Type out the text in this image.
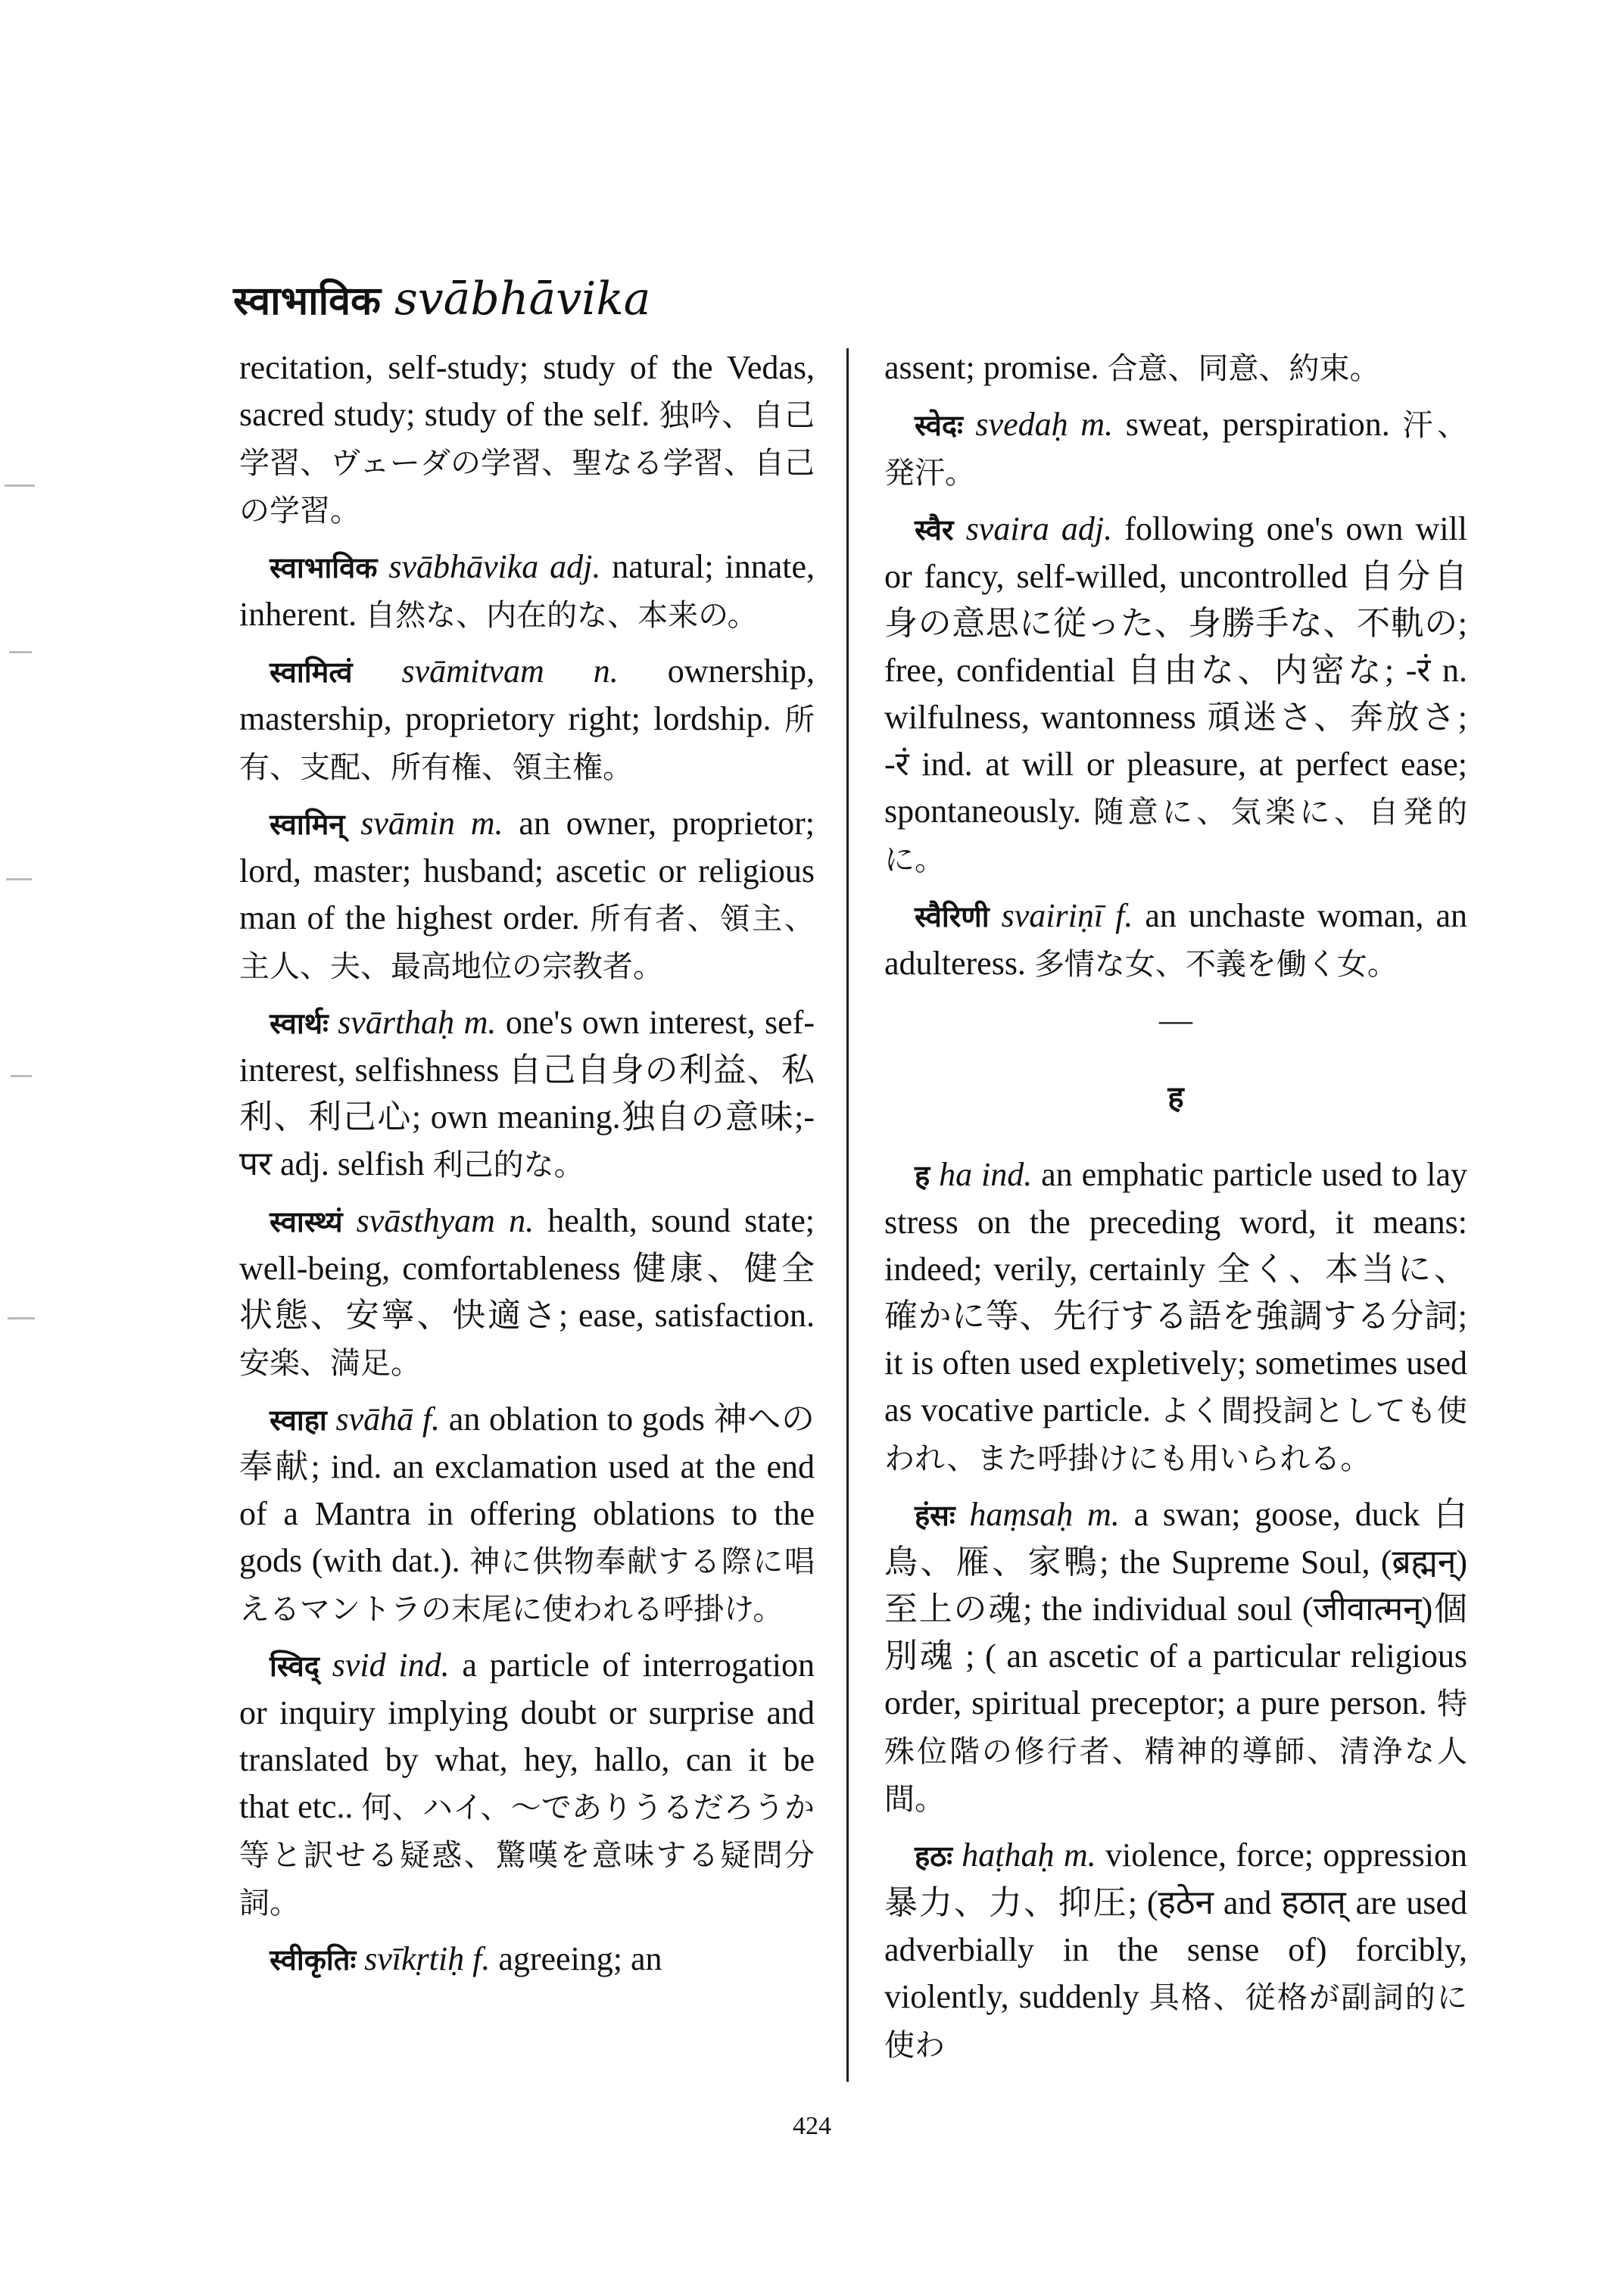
स्वाभाविक svābhāvika

recitation, self-study; study of the Vedas, sacred study; study of the self. 独吟、自己学習、ヴェーダの学習、聖なる学習、自己の学習。

स्वाभाविक svābhāvika adj. natural; innate, inherent. 自然な、内在的な、本来の。

स्वामित्वं svāmitvam n. ownership, mastership, proprietory right; lordship. 所有、支配、所有権、領主権。

स्वामिन् svāmin m. an owner, proprietor; lord, master; husband; ascetic or religious man of the highest order. 所有者、領主、主人、夫、最高地位の宗教者。

स्वार्थः svārthaḥ m. one's own interest, sef-interest, selfishness 自己自身の利益、私利、利己心; own meaning.独自の意味;-पर adj. selfish 利己的な。

स्वास्थ्यं svāsthyam n. health, sound state; well-being, comfortableness 健康、健全状態、安寧、快適さ; ease, satisfaction. 安楽、満足。

स्वाहा svāhā f. an oblation to gods 神への奉献; ind. an exclamation used at the end of a Mantra in offering oblations to the gods (with dat.). 神に供物奉献する際に唱えるマントラの末尾に使われる呼掛け。

स्विद् svid ind. a particle of interrogation or inquiry implying doubt or surprise and translated by what, hey, hallo, can it be that etc.. 何、ハイ、～でありうるだろうか等と訳せる疑惑、驚嘆を意味する疑問分詞。

स्वीकृतिः svīkṛtiḥ f. agreeing; an

assent; promise. 合意、同意、約束。

स्वेदः svedaḥ m. sweat, perspiration. 汗、発汗。

स्वैर svaira adj. following one's own will or fancy, self-willed, uncontrolled 自分自身の意思に従った、身勝手な、不軌の; free, confidential 自由な、内密な; -रं n. wilfulness, wantonness 頑迷さ、奔放さ; -रं ind. at will or pleasure, at perfect ease; spontaneously. 随意に、気楽に、自発的に。

स्वैरिणी svairiṇī f. an unchaste woman, an adulteress. 多情な女、不義を働く女。

—

ह

ह ha ind. an emphatic particle used to lay stress on the preceding word, it means: indeed; verily, certainly 全く、本当に、確かに等、先行する語を強調する分詞; it is often used expletively; sometimes used as vocative particle. よく間投詞としても使われ、また呼掛けにも用いられる。

हंसः haṃsaḥ m. a swan; goose, duck 白鳥、雁、家鴨; the Supreme Soul, (ब्रह्मन्)至上の魂; the individual soul (जीवात्मन्)個別魂 ; ( an ascetic of a particular religious order, spiritual preceptor; a pure person. 特殊位階の修行者、精神的導師、清浄な人間。

हठः haṭhaḥ m. violence, force; oppression暴力、力、抑圧; (हठेन and हठात् are used adverbially in the sense of) forcibly, violently, suddenly 具格、従格が副詞的に使わ

424
